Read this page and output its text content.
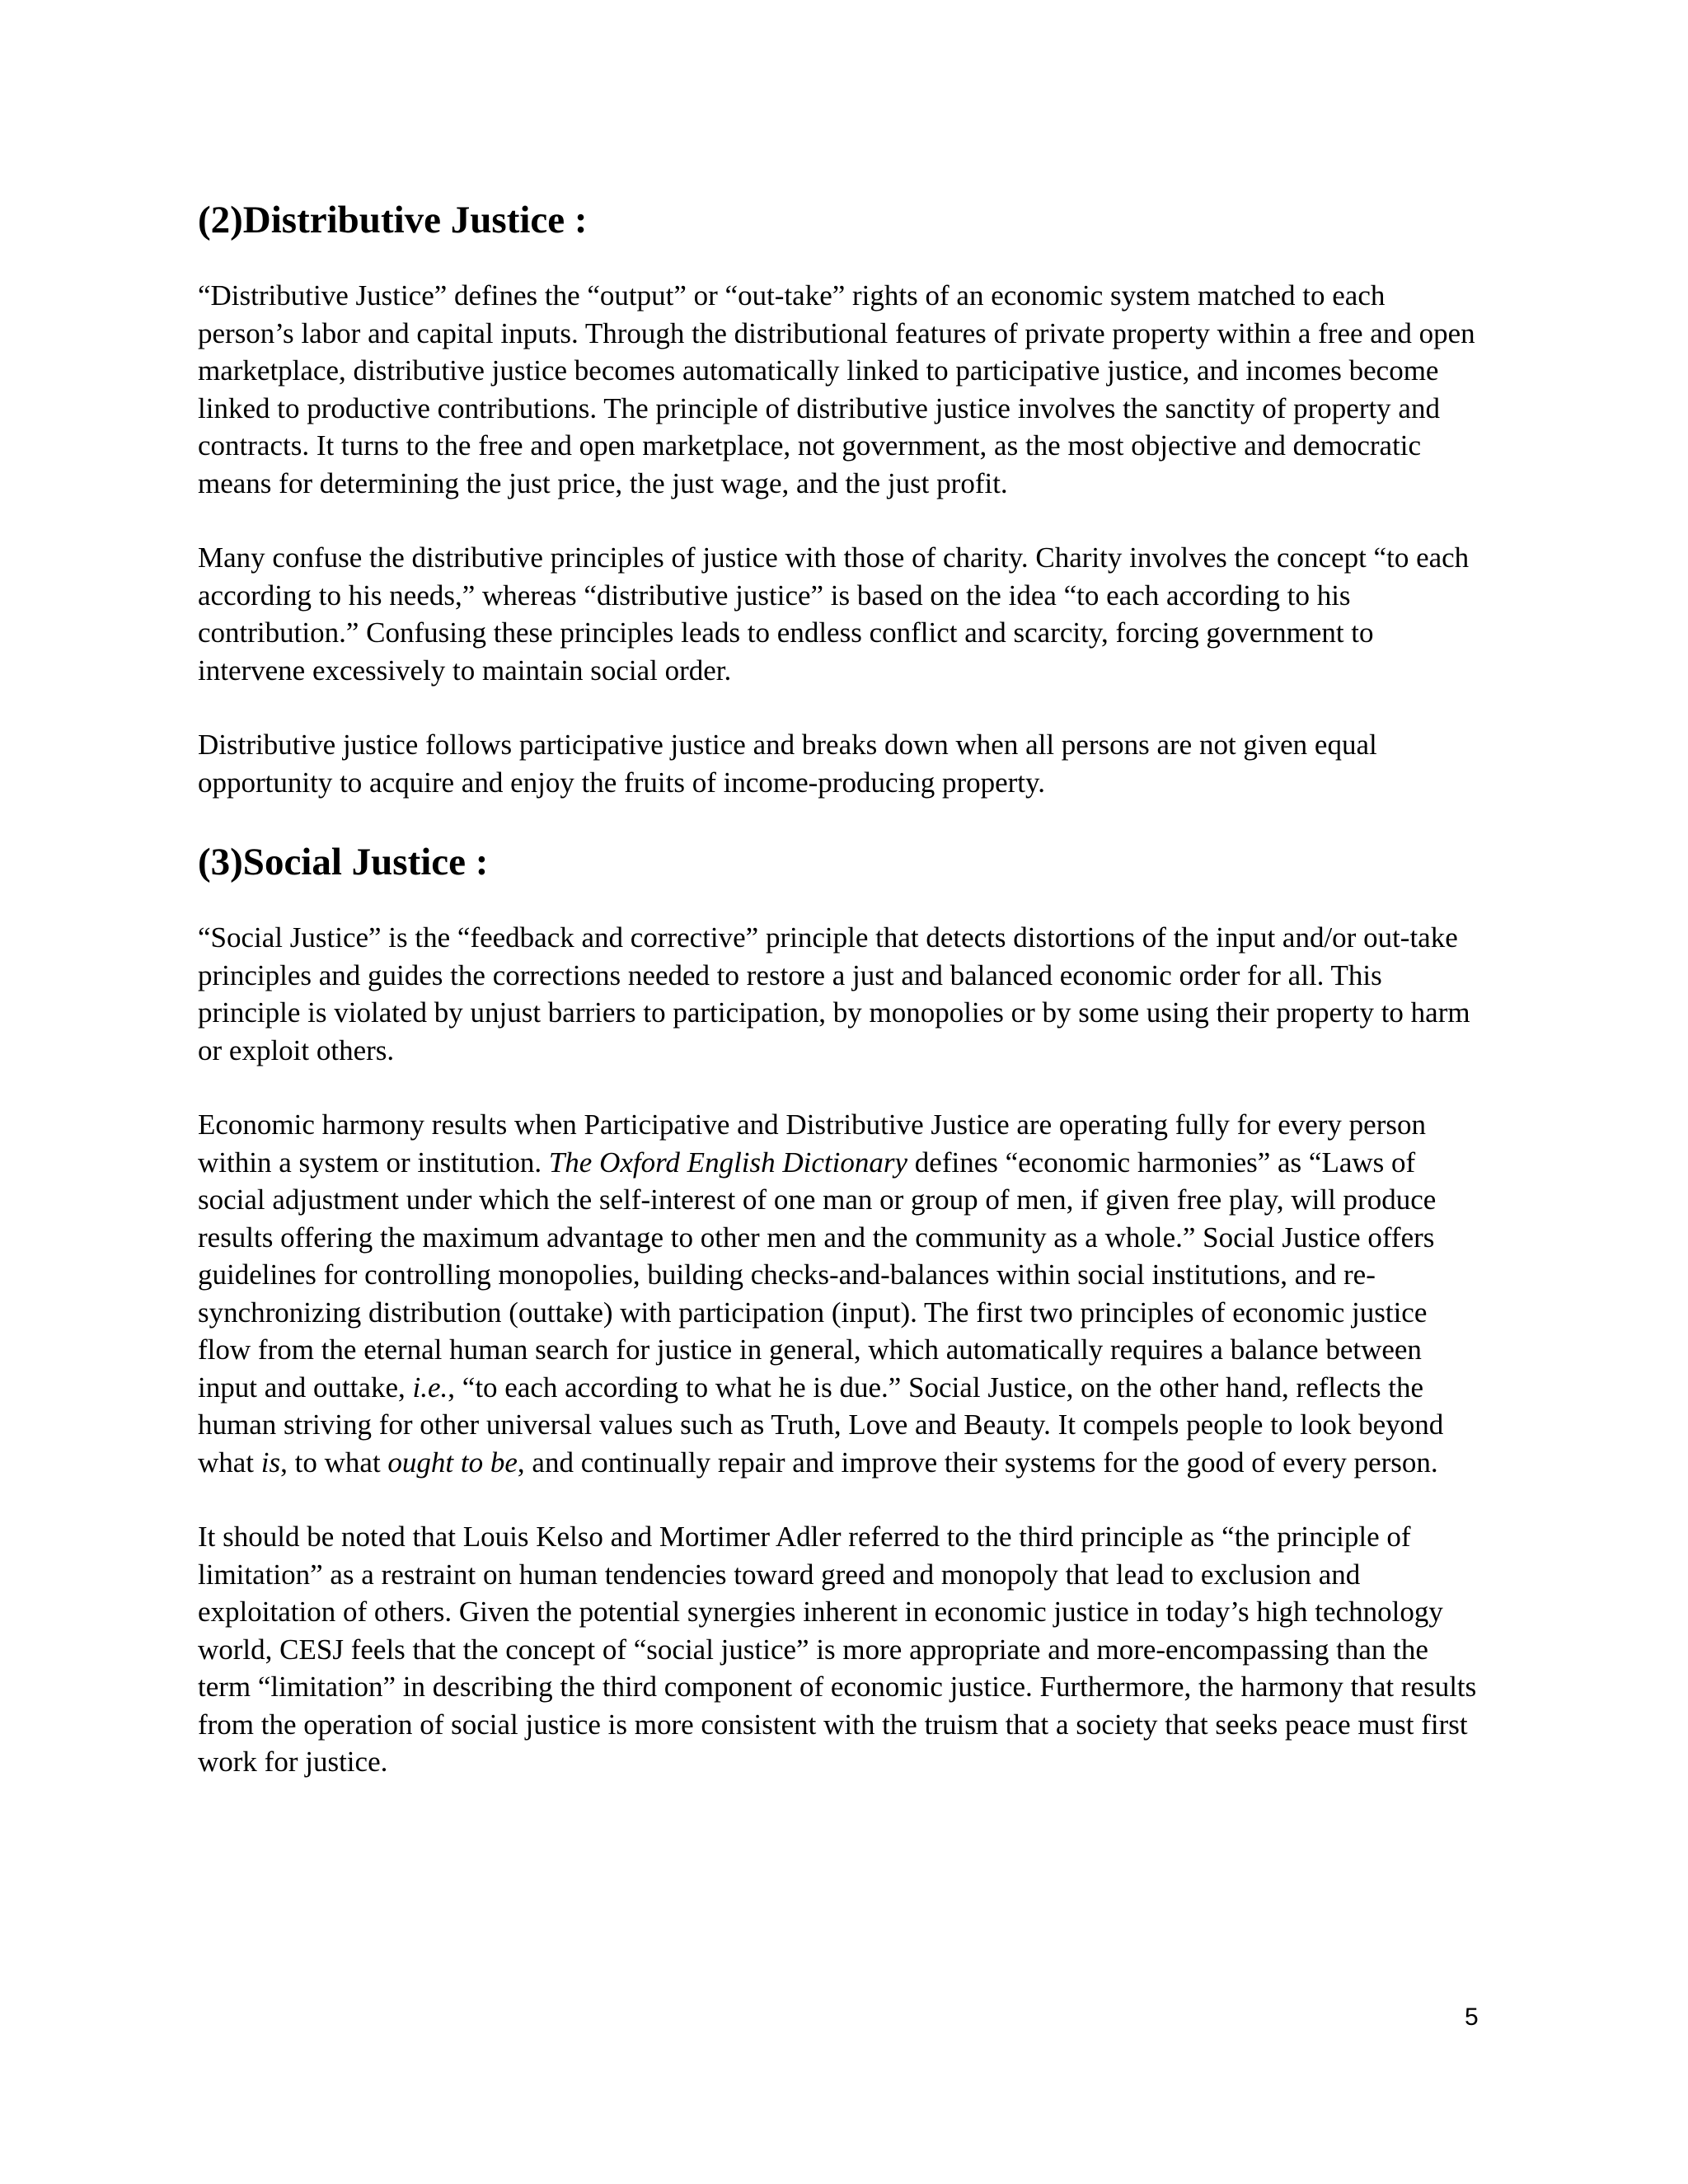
(2)Distributive Justice :

“Distributive Justice” defines the “output” or “out-take” rights of an economic system matched to each person’s labor and capital inputs. Through the distributional features of private property within a free and open marketplace, distributive justice becomes automatically linked to participative justice, and incomes become linked to productive contributions. The principle of distributive justice involves the sanctity of property and contracts. It turns to the free and open marketplace, not government, as the most objective and democratic means for determining the just price, the just wage, and the just profit.

Many confuse the distributive principles of justice with those of charity. Charity involves the concept “to each according to his needs,” whereas “distributive justice” is based on the idea “to each according to his contribution.” Confusing these principles leads to endless conflict and scarcity, forcing government to intervene excessively to maintain social order.

Distributive justice follows participative justice and breaks down when all persons are not given equal opportunity to acquire and enjoy the fruits of income-producing property.

(3)Social Justice :

“Social Justice” is the “feedback and corrective” principle that detects distortions of the input and/or out-take principles and guides the corrections needed to restore a just and balanced economic order for all. This principle is violated by unjust barriers to participation, by monopolies or by some using their property to harm or exploit others.

Economic harmony results when Participative and Distributive Justice are operating fully for every person within a system or institution. The Oxford English Dictionary defines “economic harmonies” as “Laws of social adjustment under which the self-interest of one man or group of men, if given free play, will produce results offering the maximum advantage to other men and the community as a whole.” Social Justice offers guidelines for controlling monopolies, building checks-and-balances within social institutions, and re-synchronizing distribution (outtake) with participation (input). The first two principles of economic justice flow from the eternal human search for justice in general, which automatically requires a balance between input and outtake, i.e., “to each according to what he is due.” Social Justice, on the other hand, reflects the human striving for other universal values such as Truth, Love and Beauty. It compels people to look beyond what is, to what ought to be, and continually repair and improve their systems for the good of every person.

It should be noted that Louis Kelso and Mortimer Adler referred to the third principle as “the principle of limitation” as a restraint on human tendencies toward greed and monopoly that lead to exclusion and exploitation of others. Given the potential synergies inherent in economic justice in today’s high technology world, CESJ feels that the concept of “social justice” is more appropriate and more-encompassing than the term “limitation” in describing the third component of economic justice. Furthermore, the harmony that results from the operation of social justice is more consistent with the truism that a society that seeks peace must first work for justice.

5
